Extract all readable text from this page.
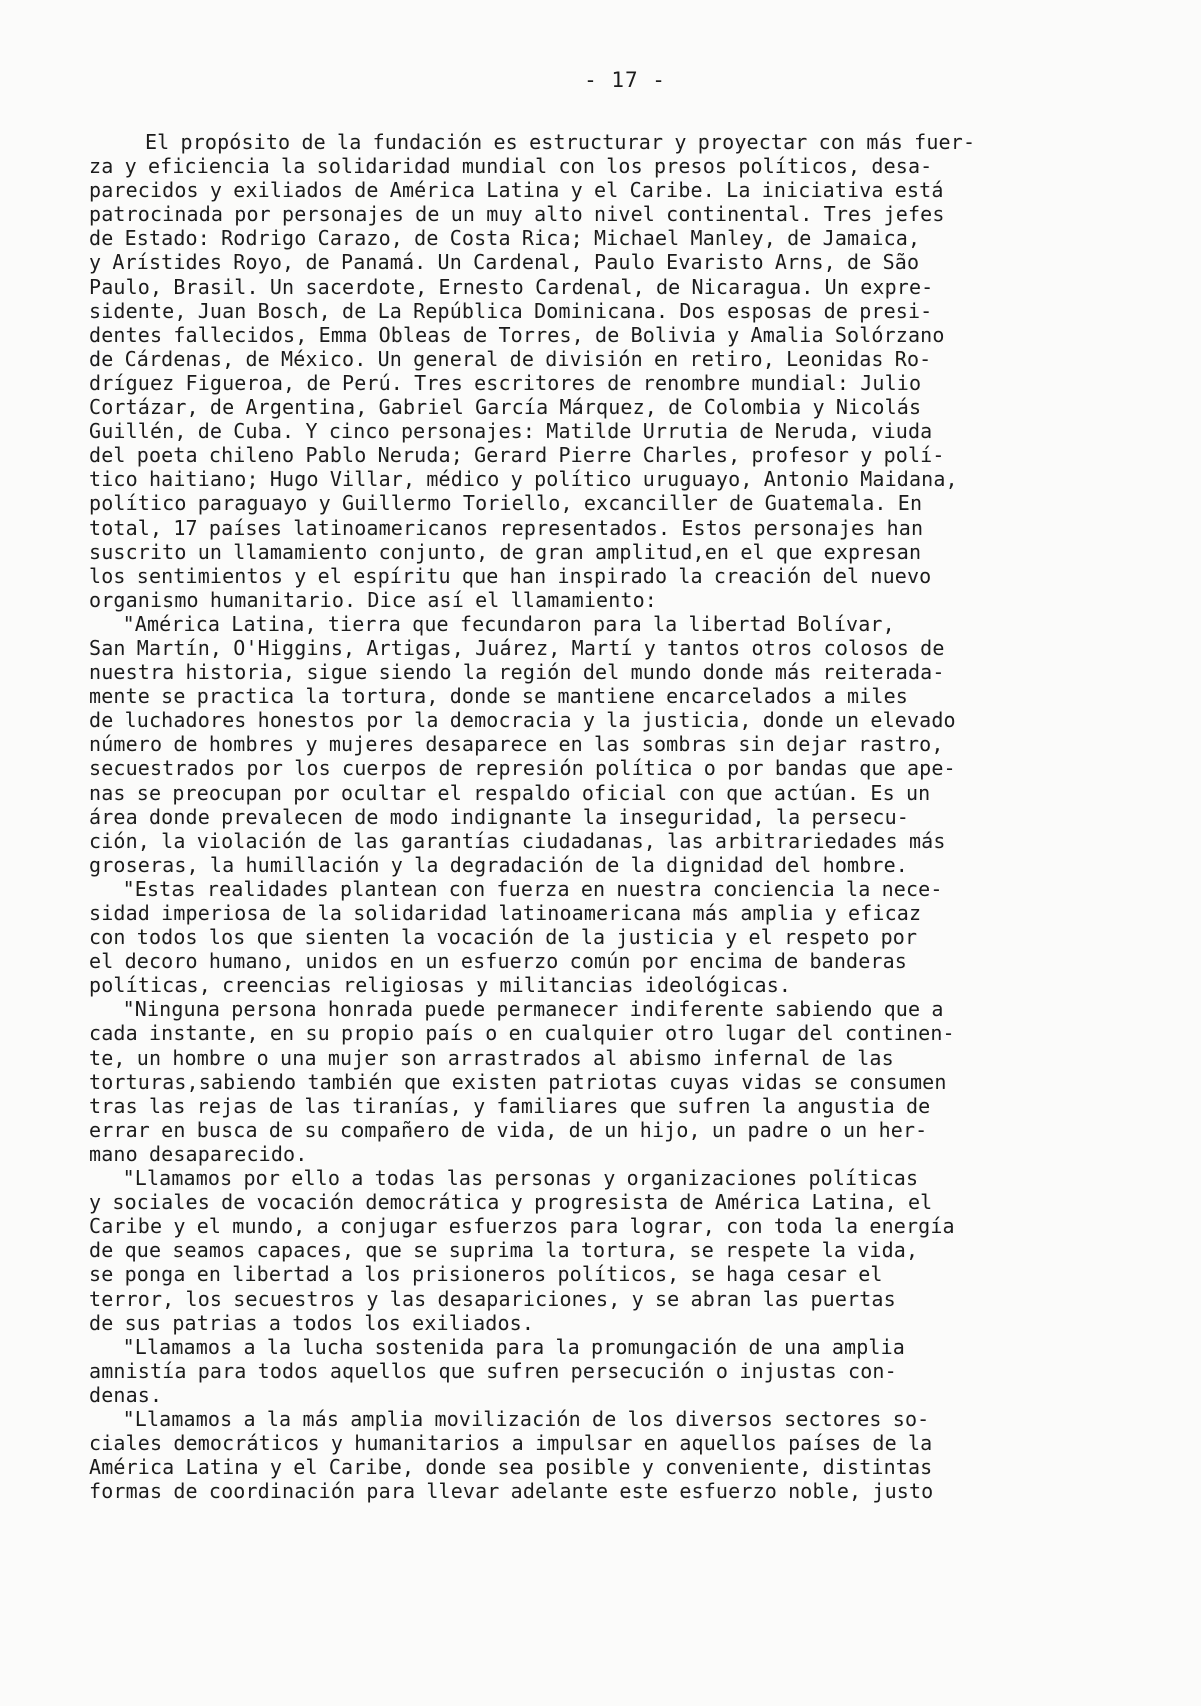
- 17 -
El propósito de la fundación es estructurar y proyectar con más fuer-
za y eficiencia la solidaridad mundial con los presos políticos, desa-
parecidos y exiliados de América Latina y el Caribe. La iniciativa está
patrocinada por personajes de un muy alto nivel continental. Tres jefes
de Estado: Rodrigo Carazo, de Costa Rica; Michael Manley, de Jamaica,
y Arístides Royo, de Panamá. Un Cardenal, Paulo Evaristo Arns, de São
Paulo, Brasil. Un sacerdote, Ernesto Cardenal, de Nicaragua. Un expre-
sidente, Juan Bosch, de La República Dominicana. Dos esposas de presi-
dentes fallecidos, Emma Obleas de Torres, de Bolivia y Amalia Solórzano
de Cárdenas, de México. Un general de división en retiro, Leonidas Ro-
dríguez Figueroa, de Perú. Tres escritores de renombre mundial: Julio
Cortázar, de Argentina, Gabriel García Márquez, de Colombia y Nicolás
Guillén, de Cuba. Y cinco personajes: Matilde Urrutia de Neruda, viuda
del poeta chileno Pablo Neruda; Gerard Pierre Charles, profesor y polí-
tico haitiano; Hugo Villar, médico y político uruguayo, Antonio Maidana,
político paraguayo y Guillermo Toriello, excanciller de Guatemala. En
total, 17 países latinoamericanos representados. Estos personajes han
suscrito un llamamiento conjunto, de gran amplitud,en el que expresan
los sentimientos y el espíritu que han inspirado la creación del nuevo
organismo humanitario. Dice así el llamamiento:
"América Latina, tierra que fecundaron para la libertad Bolívar,
San Martín, O'Higgins, Artigas, Juárez, Martí y tantos otros colosos de
nuestra historia, sigue siendo la región del mundo donde más reiterada-
mente se practica la tortura, donde se mantiene encarcelados a miles
de luchadores honestos por la democracia y la justicia, donde un elevado
número de hombres y mujeres desaparece en las sombras sin dejar rastro,
secuestrados por los cuerpos de represión política o por bandas que ape-
nas se preocupan por ocultar el respaldo oficial con que actúan. Es un
área donde prevalecen de modo indignante la inseguridad, la persecu-
ción, la violación de las garantías ciudadanas, las arbitrariedades más
groseras, la humillación y la degradación de la dignidad del hombre.
"Estas realidades plantean con fuerza en nuestra conciencia la nece-
sidad imperiosa de la solidaridad latinoamericana más amplia y eficaz
con todos los que sienten la vocación de la justicia y el respeto por
el decoro humano, unidos en un esfuerzo común por encima de banderas
políticas, creencias religiosas y militancias ideológicas.
"Ninguna persona honrada puede permanecer indiferente sabiendo que a
cada instante, en su propio país o en cualquier otro lugar del continen-
te, un hombre o una mujer son arrastrados al abismo infernal de las
torturas,sabiendo también que existen patriotas cuyas vidas se consumen
tras las rejas de las tiranías, y familiares que sufren la angustia de
errar en busca de su compañero de vida, de un hijo, un padre o un her-
mano desaparecido.
"Llamamos por ello a todas las personas y organizaciones políticas
y sociales de vocación democrática y progresista de América Latina, el
Caribe y el mundo, a conjugar esfuerzos para lograr, con toda la energía
de que seamos capaces, que se suprima la tortura, se respete la vida,
se ponga en libertad a los prisioneros políticos, se haga cesar el
terror, los secuestros y las desapariciones, y se abran las puertas
de sus patrias a todos los exiliados.
"Llamamos a la lucha sostenida para la promungación de una amplia
amnistía para todos aquellos que sufren persecución o injustas con-
denas.
"Llamamos a la más amplia movilización de los diversos sectores so-
ciales democráticos y humanitarios a impulsar en aquellos países de la
América Latina y el Caribe, donde sea posible y conveniente, distintas
formas de coordinación para llevar adelante este esfuerzo noble, justo
